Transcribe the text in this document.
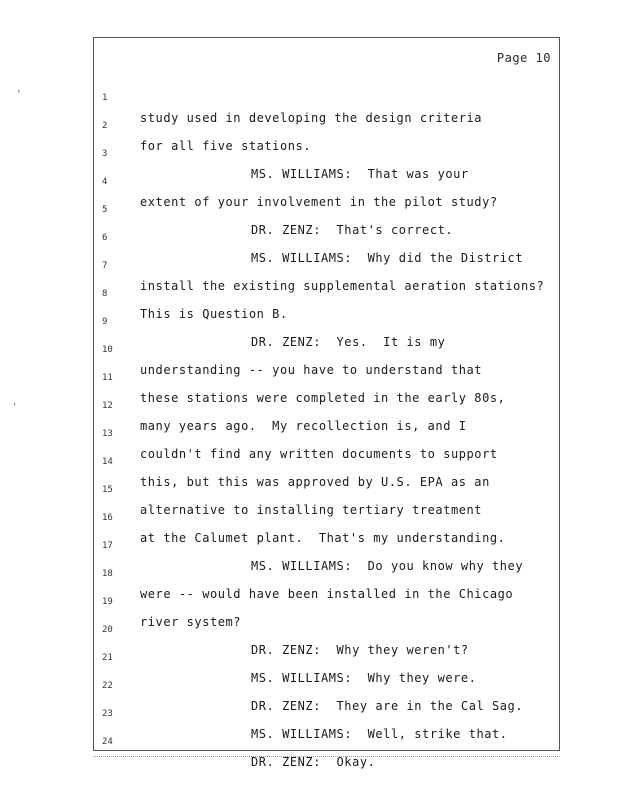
Page 10

1

study used in developing the design criteria

2

for all five stations.

3

MS. WILLIAMS:  That was your

4

extent of your involvement in the pilot study?

5

DR. ZENZ:  That's correct.

6

MS. WILLIAMS:  Why did the District

7

install the existing supplemental aeration stations?

8

This is Question B.

9

DR. ZENZ:  Yes.  It is my

10

understanding -- you have to understand that

11

these stations were completed in the early 80s,

12

many years ago.  My recollection is, and I

13

couldn't find any written documents to support

14

this, but this was approved by U.S. EPA as an

15

alternative to installing tertiary treatment

16

at the Calumet plant.  That's my understanding.

17

MS. WILLIAMS:  Do you know why they

18

were -- would have been installed in the Chicago

19

river system?

20

DR. ZENZ:  Why they weren't?

21

MS. WILLIAMS:  Why they were.

22

DR. ZENZ:  They are in the Cal Sag.

23

MS. WILLIAMS:  Well, strike that.

24

DR. ZENZ:  Okay.

’
‚
